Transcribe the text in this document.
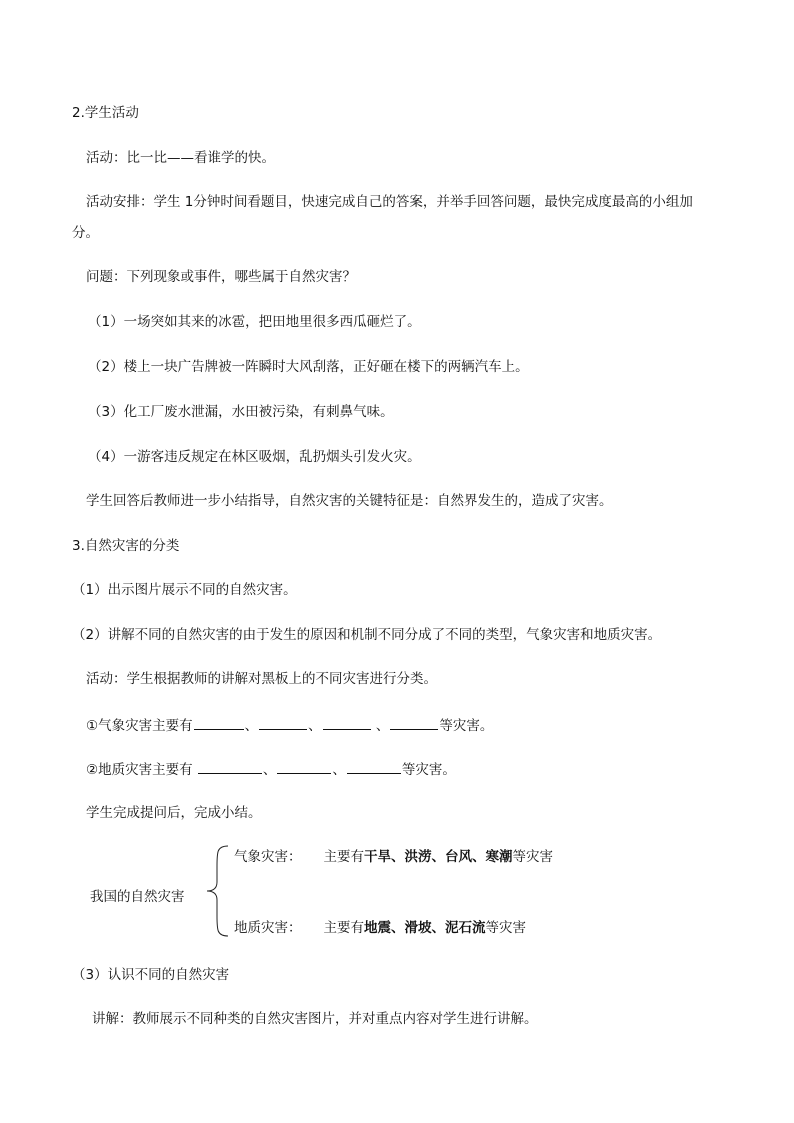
2.学生活动
活动：比一比——看谁学的快。
活动安排：学生 1分钟时间看题目，快速完成自己的答案，并举手回答问题，最快完成度最高的小组加
分。
问题：下列现象或事件，哪些属于自然灾害？
（1）一场突如其来的冰雹，把田地里很多西瓜砸烂了。
（2）楼上一块广告牌被一阵瞬时大风刮落，正好砸在楼下的两辆汽车上。
（3）化工厂废水泄漏，水田被污染，有刺鼻气味。
（4）一游客违反规定在林区吸烟，乱扔烟头引发火灾。
学生回答后教师进一步小结指导，自然灾害的关键特征是：自然界发生的，造成了灾害。
3.自然灾害的分类
（1）出示图片展示不同的自然灾害。
（2）讲解不同的自然灾害的由于发生的原因和机制不同分成了不同的类型，气象灾害和地质灾害。
活动：学生根据教师的讲解对黑板上的不同灾害进行分类。
①气象灾害主要有	、	、	、	等灾害。
②地质灾害主要有	、	、	等灾害。
学生完成提问后，完成小结。
我国的自然灾害
气象灾害： 主要有干旱、洪涝、台风、寒潮等灾害
地质灾害： 主要有地震、滑坡、泥石流等灾害
（3）认识不同的自然灾害
讲解：教师展示不同种类的自然灾害图片，并对重点内容对学生进行讲解。
